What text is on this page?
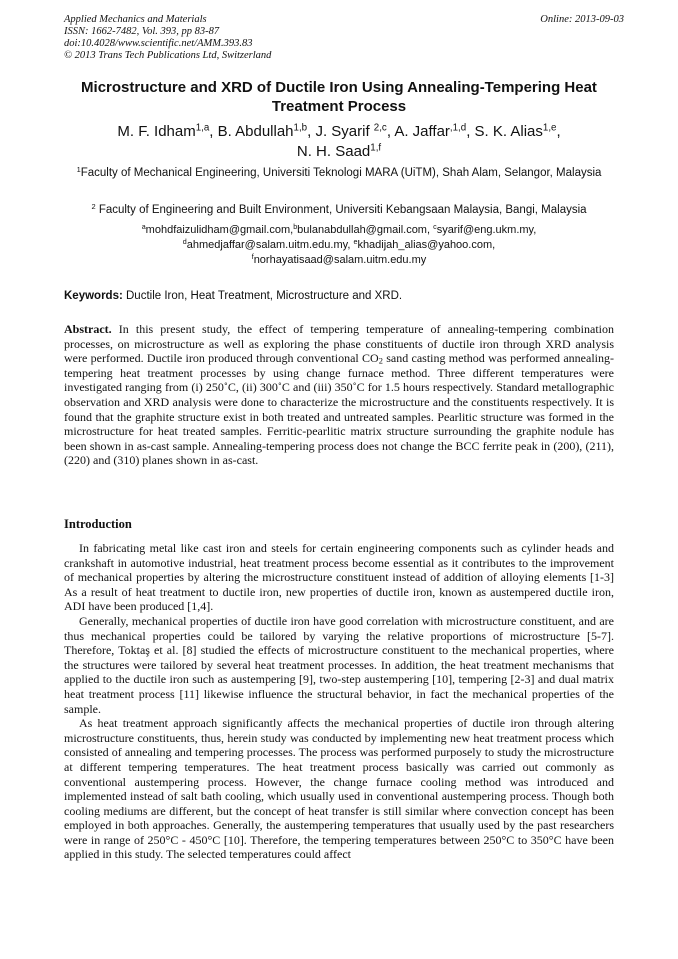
Applied Mechanics and Materials
ISSN: 1662-7482, Vol. 393, pp 83-87
doi:10.4028/www.scientific.net/AMM.393.83
© 2013 Trans Tech Publications Ltd, Switzerland
Online: 2013-09-03
Microstructure and XRD of Ductile Iron Using Annealing-Tempering Heat Treatment Process
M. F. Idham$^{1,a}$, B. Abdullah$^{1,b}$, J. Syarif $^{2,c}$, A. Jaffar$^{,1,d}$, S. K. Alias$^{1,e}$,
N. H. Saad$^{1,f}$
$^1$Faculty of Mechanical Engineering, Universiti Teknologi MARA (UiTM), Shah Alam, Selangor, Malaysia
$^2$ Faculty of Engineering and Built Environment, Universiti Kebangsaan Malaysia, Bangi, Malaysia
$^a$mohdfaizulidham@gmail.com,$^b$bulanabdullah@gmail.com, $^c$syarif@eng.ukm.my,
$^d$ahmedjaffar@salam.uitm.edu.my, $^e$khadijah_alias@yahoo.com,
$^f$norhayatisaad@salam.uitm.edu.my
Keywords: Ductile Iron, Heat Treatment, Microstructure and XRD.
Abstract. In this present study, the effect of tempering temperature of annealing-tempering combination processes, on microstructure as well as exploring the phase constituents of ductile iron through XRD analysis were performed. Ductile iron produced through conventional $CO_2$ sand casting method was performed annealing-tempering heat treatment processes by using change furnace method. Three different temperatures were investigated ranging from (i) 250˚C, (ii) 300˚C and (iii) 350˚C for 1.5 hours respectively. Standard metallographic observation and XRD analysis were done to characterize the microstructure and the constituents respectively. It is found that the graphite structure exist in both treated and untreated samples. Pearlitic structure was formed in the microstructure for heat treated samples. Ferritic-pearlitic matrix structure surrounding the graphite nodule has been shown in as-cast sample. Annealing-tempering process does not change the BCC ferrite peak in (200), (211), (220) and (310) planes shown in as-cast.
Introduction

In fabricating metal like cast iron and steels for certain engineering components such as cylinder heads and crankshaft in automotive industrial, heat treatment process become essential as it contributes to the improvement of mechanical properties by altering the microstructure constituent instead of addition of alloying elements [1-3] As a result of heat treatment to ductile iron, new properties of ductile iron, known as austempered ductile iron, ADI have been produced [1,4].

Generally, mechanical properties of ductile iron have good correlation with microstructure constituent, and are thus mechanical properties could be tailored by varying the relative proportions of microstructure [5-7]. Therefore, Toktaş et al. [8] studied the effects of microstructure constituent to the mechanical properties, where the structures were tailored by several heat treatment processes. In addition, the heat treatment mechanisms that applied to the ductile iron such as austempering [9], two-step austempering [10], tempering [2-3] and dual matrix heat treatment process [11] likewise influence the structural behavior, in fact the mechanical properties of the sample.

As heat treatment approach significantly affects the mechanical properties of ductile iron through altering microstructure constituents, thus, herein study was conducted by implementing new heat treatment process which consisted of annealing and tempering processes. The process was performed purposely to study the microstructure at different tempering temperatures. The heat treatment process basically was carried out commonly as conventional austempering process. However, the change furnace cooling method was introduced and implemented instead of salt bath cooling, which usually used in conventional austempering process. Though both cooling mediums are different, but the concept of heat transfer is still similar where convection concept has been employed in both approaches. Generally, the austempering temperatures that usually used by the past researchers were in range of 250°C - 450°C [10]. Therefore, the tempering temperatures between 250°C to 350°C have been applied in this study. The selected temperatures could affect
